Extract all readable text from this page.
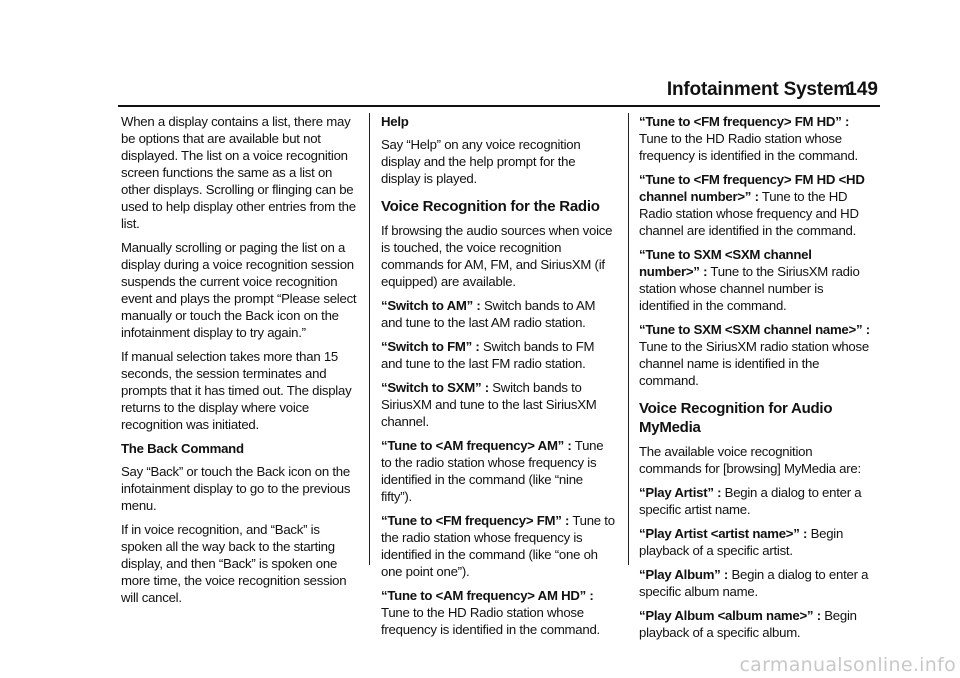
Infotainment System
149

When a display contains a list, there may be options that are available but not displayed. The list on a voice recognition screen functions the same as a list on other displays. Scrolling or flinging can be used to help display other entries from the list.

Manually scrolling or paging the list on a display during a voice recognition session suspends the current voice recognition event and plays the prompt “Please select manually or touch the Back icon on the infotainment display to try again.”

If manual selection takes more than 15 seconds, the session terminates and prompts that it has timed out. The display returns to the display where voice recognition was initiated.

The Back Command

Say “Back” or touch the Back icon on the infotainment display to go to the previous menu.

If in voice recognition, and “Back” is spoken all the way back to the starting display, and then “Back” is spoken one more time, the voice recognition session will cancel.

Help

Say “Help” on any voice recognition display and the help prompt for the display is played.

Voice Recognition for the Radio

If browsing the audio sources when voice is touched, the voice recognition commands for AM, FM, and SiriusXM (if equipped) are available.

“Switch to AM” : Switch bands to AM and tune to the last AM radio station.

“Switch to FM” : Switch bands to FM and tune to the last FM radio station.

“Switch to SXM” : Switch bands to SiriusXM and tune to the last SiriusXM channel.

“Tune to <AM frequency> AM” : Tune to the radio station whose frequency is identified in the command (like “nine fifty”).

“Tune to <FM frequency> FM” : Tune to the radio station whose frequency is identified in the command (like “one oh one point one”).

“Tune to <AM frequency> AM HD” : Tune to the HD Radio station whose frequency is identified in the command.

“Tune to <FM frequency> FM HD” : Tune to the HD Radio station whose frequency is identified in the command.

“Tune to <FM frequency> FM HD <HD channel number>” : Tune to the HD Radio station whose frequency and HD channel are identified in the command.

“Tune to SXM <SXM channel number>” : Tune to the SiriusXM radio station whose channel number is identified in the command.

“Tune to SXM <SXM channel name>” : Tune to the SiriusXM radio station whose channel name is identified in the command.

Voice Recognition for Audio MyMedia

The available voice recognition commands for [browsing] MyMedia are:

“Play Artist” : Begin a dialog to enter a specific artist name.

“Play Artist <artist name>” : Begin playback of a specific artist.

“Play Album” : Begin a dialog to enter a specific album name.

“Play Album <album name>” : Begin playback of a specific album.

carmanualsonline.info
